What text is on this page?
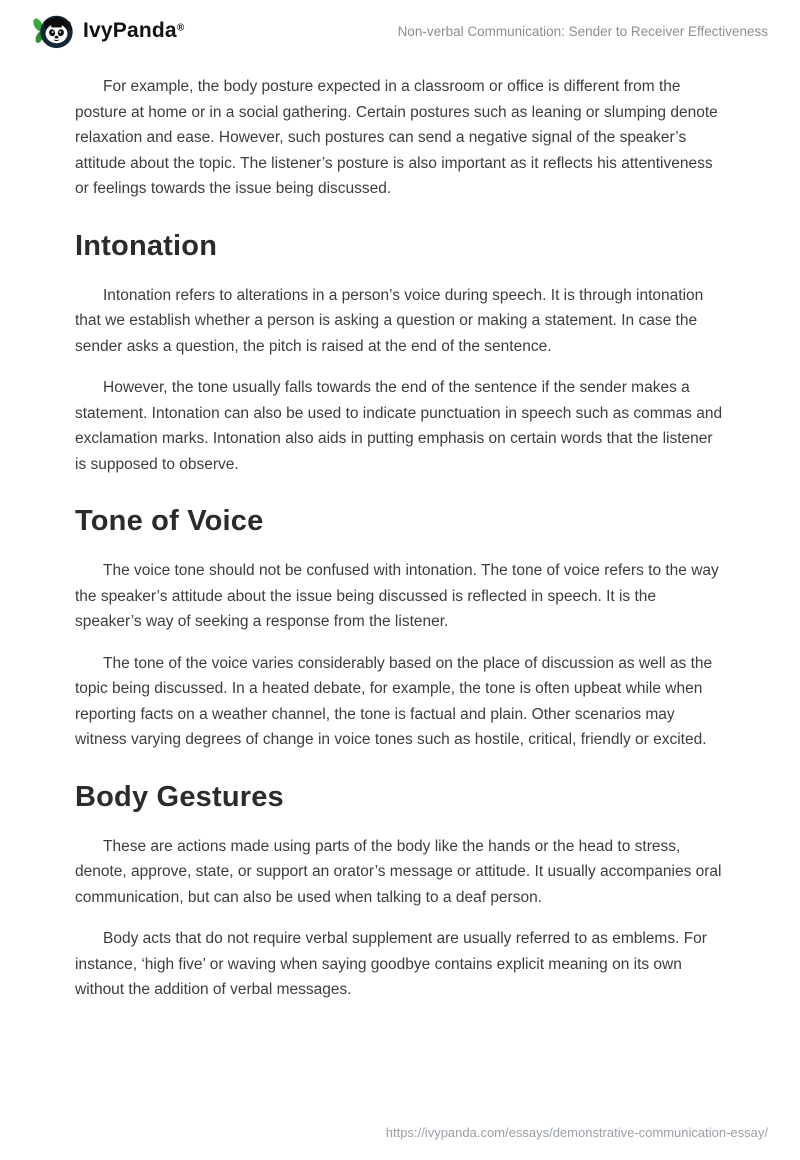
IvyPanda®	Non-verbal Communication: Sender to Receiver Effectiveness

For example, the body posture expected in a classroom or office is different from the posture at home or in a social gathering. Certain postures such as leaning or slumping denote relaxation and ease. However, such postures can send a negative signal of the speaker’s attitude about the topic. The listener’s posture is also important as it reflects his attentiveness or feelings towards the issue being discussed.

Intonation

Intonation refers to alterations in a person’s voice during speech. It is through intonation that we establish whether a person is asking a question or making a statement. In case the sender asks a question, the pitch is raised at the end of the sentence.

However, the tone usually falls towards the end of the sentence if the sender makes a statement. Intonation can also be used to indicate punctuation in speech such as commas and exclamation marks. Intonation also aids in putting emphasis on certain words that the listener is supposed to observe.

Tone of Voice

The voice tone should not be confused with intonation. The tone of voice refers to the way the speaker’s attitude about the issue being discussed is reflected in speech. It is the speaker’s way of seeking a response from the listener.

The tone of the voice varies considerably based on the place of discussion as well as the topic being discussed. In a heated debate, for example, the tone is often upbeat while when reporting facts on a weather channel, the tone is factual and plain. Other scenarios may witness varying degrees of change in voice tones such as hostile, critical, friendly or excited.

Body Gestures

These are actions made using parts of the body like the hands or the head to stress, denote, approve, state, or support an orator’s message or attitude. It usually accompanies oral communication, but can also be used when talking to a deaf person.

Body acts that do not require verbal supplement are usually referred to as emblems. For instance, ‘high five’ or waving when saying goodbye contains explicit meaning on its own without the addition of verbal messages.

https://ivypanda.com/essays/demonstrative-communication-essay/
